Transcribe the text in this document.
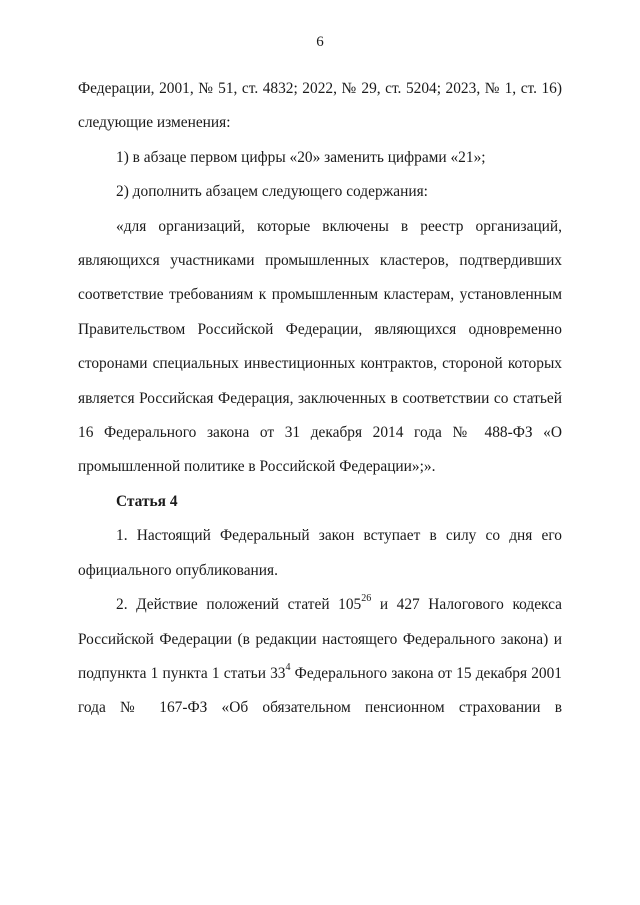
6

Федерации, 2001, № 51, ст. 4832; 2022, № 29, ст. 5204; 2023, № 1, ст. 16) следующие изменения:

1) в абзаце первом цифры «20» заменить цифрами «21»;

2) дополнить абзацем следующего содержания:

«для организаций, которые включены в реестр организаций, являющихся участниками промышленных кластеров, подтвердивших соответствие требованиям к промышленным кластерам, установленным Правительством Российской Федерации, являющихся одновременно сторонами специальных инвестиционных контрактов, стороной которых является Российская Федерация, заключенных в соответствии со статьей 16 Федерального закона от 31 декабря 2014 года № 488-ФЗ «О промышленной политике в Российской Федерации»;».

Статья 4

1. Настоящий Федеральный закон вступает в силу со дня его официального опубликования.

2. Действие положений статей $105^{26}$ и 427 Налогового кодекса Российской Федерации (в редакции настоящего Федерального закона) и подпункта 1 пункта 1 статьи $33^4$ Федерального закона от 15 декабря 2001 года № 167-ФЗ «Об обязательном пенсионном страховании в
